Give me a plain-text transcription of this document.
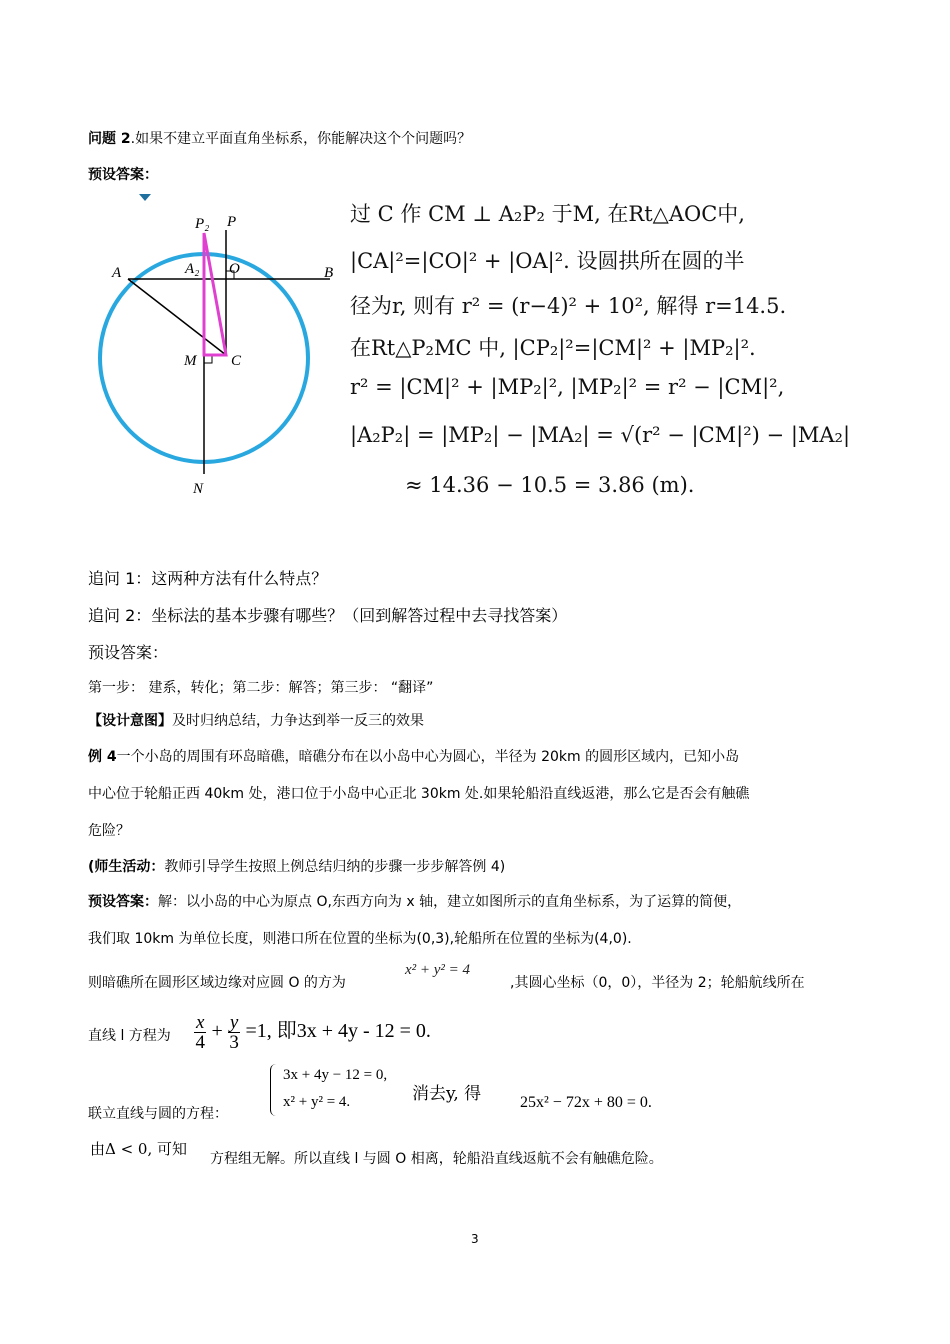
问题 2.如果不建立平面直角坐标系，你能解决这个个问题吗？
预设答案：
P₂ P
A	A₂ O	B
M C
N
过 C 作 CM ⊥ A₂P₂ 于M, 在Rt△AOC中,
|CA|²=|CO|² + |OA|². 设圆拱所在圆的半
径为r, 则有 r² = (r−4)² + 10², 解得 r=14.5.
在Rt△P₂MC 中, |CP₂|²=|CM|² + |MP₂|².
r² = |CM|² + |MP₂|², |MP₂|² = r² − |CM|²,
|A₂P₂| = |MP₂| − |MA₂| = √(r² − |CM|²) − |MA₂|
≈ 14.36 − 10.5 = 3.86 (m).
追问 1：这两种方法有什么特点？
追问 2：坐标法的基本步骤有哪些？（回到解答过程中去寻找答案）
预设答案：
第一步： 建系，转化；第二步：解答；第三步： “翻译”
【设计意图】及时归纳总结，力争达到举一反三的效果
例 4一个小岛的周围有环岛暗礁，暗礁分布在以小岛中心为圆心，半径为 20km 的圆形区域内，已知小岛
中心位于轮船正西 40km 处，港口位于小岛中心正北 30km 处.如果轮船沿直线返港，那么它是否会有触礁
危险？
(师生活动：教师引导学生按照上例总结归纳的步骤一步步解答例 4)
预设答案：解：以小岛的中心为原点 O,东西方向为 x 轴，建立如图所示的直角坐标系，为了运算的简便，
我们取 10km 为单位长度，则港口所在位置的坐标为(0,3),轮船所在位置的坐标为(4,0).
则暗礁所在圆形区域边缘对应圆 O 的方为
x² + y² = 4
,其圆心坐标（0，0），半径为 2；轮船航线所在
直线 l 方程为 $\frac{x}{4} + \frac{y}{3} =1$, 即3x + 4y - 12 = 0.
联立直线与圆的方程：
3x + 4y − 12 = 0,
x² + y² = 4.	消去y, 得 25x² − 72x + 80 = 0.
由Δ < 0, 可知
方程组无解。所以直线 l 与圆 O 相离，轮船沿直线返航不会有触礁危险。
3
